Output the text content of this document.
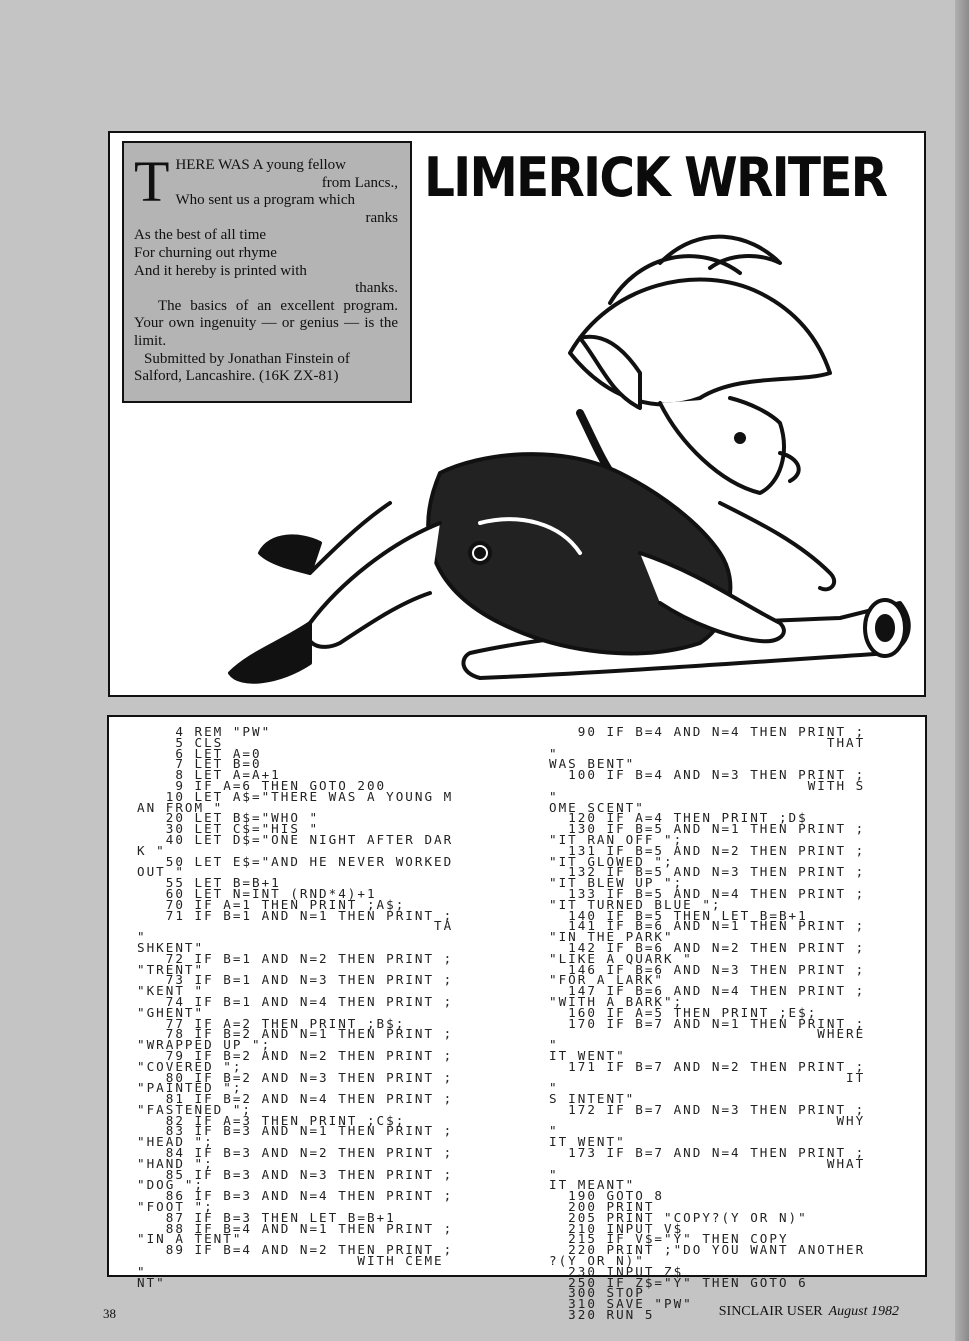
T HERE WAS A young fellow
from Lancs.,
Who sent us a program which
ranks
As the best of all time
For churning out rhyme
And it hereby is printed with
thanks.

The basics of an excellent program. Your own ingenuity — or genius — is the limit.

Submitted by Jonathan Finstein of Salford, Lancashire. (16K ZX-81)

LIMERICK WRITER
4 REM "PW"
5 CLS
6 LET A=0
7 LET B=0
8 LET A=A+1
9 IF A=6 THEN GOTO 200
10 LET A$="THERE WAS A YOUNG M
AN FROM "
20 LET B$="WHO "
30 LET C$="HIS "
40 LET D$="ONE NIGHT AFTER DAR
K "
50 LET E$="AND HE NEVER WORKED
OUT "
55 LET B=B+1
60 LET N=INT (RND*4)+1
70 IF A=1 THEN PRINT ;A$;
71 IF B=1 AND N=1 THEN PRINT ;
TA
"
SHKENT"
72 IF B=1 AND N=2 THEN PRINT ;
"TRENT"
73 IF B=1 AND N=3 THEN PRINT ;
"KENT "
74 IF B=1 AND N=4 THEN PRINT ;
"GHENT"
77 IF A=2 THEN PRINT ;B$;
78 IF B=2 AND N=1 THEN PRINT ;
"WRAPPED UP ";
79 IF B=2 AND N=2 THEN PRINT ;
"COVERED ";
80 IF B=2 AND N=3 THEN PRINT ;
"PAINTED ";
81 IF B=2 AND N=4 THEN PRINT ;
"FASTENED ";
82 IF A=3 THEN PRINT ;C$;
83 IF B=3 AND N=1 THEN PRINT ;
"HEAD ";
84 IF B=3 AND N=2 THEN PRINT ;
"HAND ";
85 IF B=3 AND N=3 THEN PRINT ;
"DOG ";
86 IF B=3 AND N=4 THEN PRINT ;
"FOOT ";
87 IF B=3 THEN LET B=B+1
88 IF B=4 AND N=1 THEN PRINT ;
"IN A TENT"
89 IF B=4 AND N=2 THEN PRINT ;
WITH CEME
"
NT"
90 IF B=4 AND N=4 THEN PRINT ;
THAT
"
WAS BENT"
100 IF B=4 AND N=3 THEN PRINT ;
WITH S
"
OME SCENT"
120 IF A=4 THEN PRINT ;D$
130 IF B=5 AND N=1 THEN PRINT ;
"IT RAN OFF ";
131 IF B=5 AND N=2 THEN PRINT ;
"IT GLOWED ";
132 IF B=5 AND N=3 THEN PRINT ;
"IT BLEW UP ";
133 IF B=5 AND N=4 THEN PRINT ;
"IT TURNED BLUE ";
140 IF B=5 THEN LET B=B+1
141 IF B=6 AND N=1 THEN PRINT ;
"IN THE PARK"
142 IF B=6 AND N=2 THEN PRINT ;
"LIKE A QUARK "
146 IF B=6 AND N=3 THEN PRINT ;
"FOR A LARK"
147 IF B=6 AND N=4 THEN PRINT ;
"WITH A BARK";
160 IF A=5 THEN PRINT ;E$;
170 IF B=7 AND N=1 THEN PRINT ;
WHERE
"
IT WENT"
171 IF B=7 AND N=2 THEN PRINT ;
IT
"
S INTENT"
172 IF B=7 AND N=3 THEN PRINT ;
WHY
"
IT WENT"
173 IF B=7 AND N=4 THEN PRINT ;
WHAT
"
IT MEANT"
190 GOTO 8
200 PRINT
205 PRINT "COPY?(Y OR N)"
210 INPUT V$
215 IF V$="Y" THEN COPY
220 PRINT ;"DO YOU WANT ANOTHER
?(Y OR N)"
230 INPUT Z$
250 IF Z$="Y" THEN GOTO 6
300 STOP
310 SAVE "PW"
320 RUN 5
38	SINCLAIR USER August 1982
